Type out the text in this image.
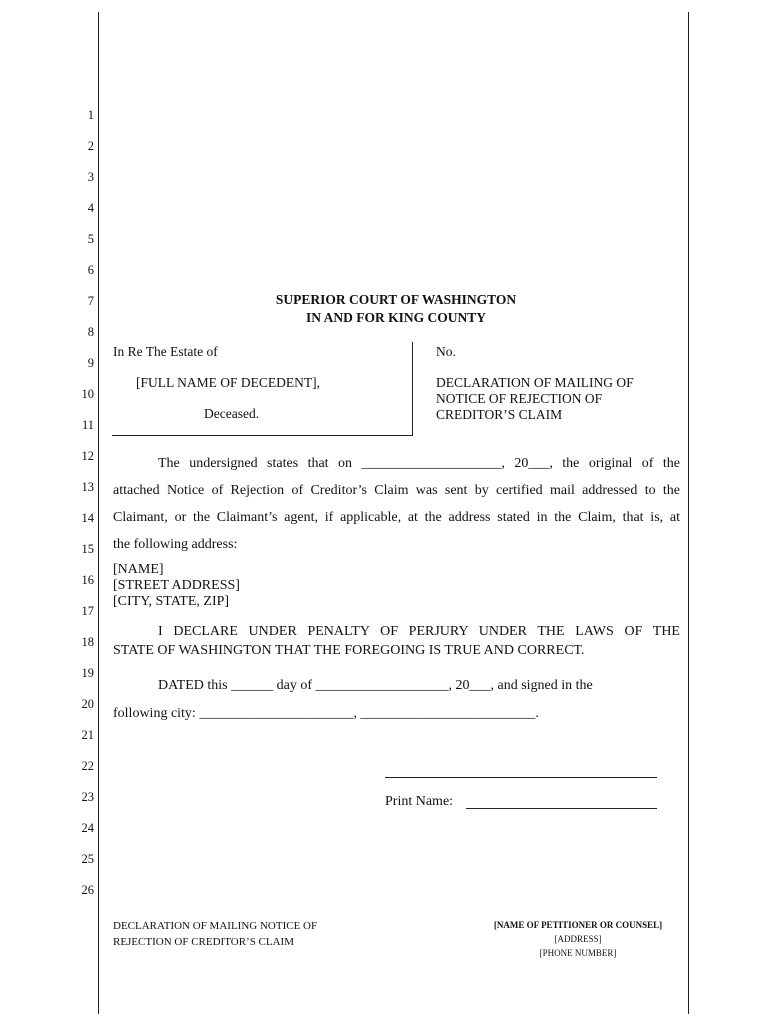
1
2
3
4
5
6
7
8
9
10
11
12
13
14
15
16
17
18
19
20
21
22
23
24
25
26
SUPERIOR COURT OF WASHINGTON
IN AND FOR KING COUNTY
In Re The Estate of
[FULL NAME OF DECEDENT],
Deceased.
No.
DECLARATION OF MAILING OF
NOTICE OF REJECTION OF
CREDITOR’S CLAIM
The undersigned states that on ____________________, 20___, the original of the
attached Notice of Rejection of Creditor’s Claim was sent by certified mail addressed to the
Claimant, or the Claimant’s agent, if applicable, at the address stated in the Claim, that is, at
the following address:
[NAME]
[STREET ADDRESS]
[CITY, STATE, ZIP]
I DECLARE UNDER PENALTY OF PERJURY UNDER THE LAWS OF THE
STATE OF WASHINGTON THAT THE FOREGOING IS TRUE AND CORRECT.
DATED this ______ day of ___________________, 20___, and signed in the
following city: ______________________, _________________________.
Print Name:
DECLARATION OF MAILING NOTICE OF
REJECTION OF CREDITOR’S CLAIM
[NAME OF PETITIONER OR COUNSEL]
[ADDRESS]
[PHONE NUMBER]
